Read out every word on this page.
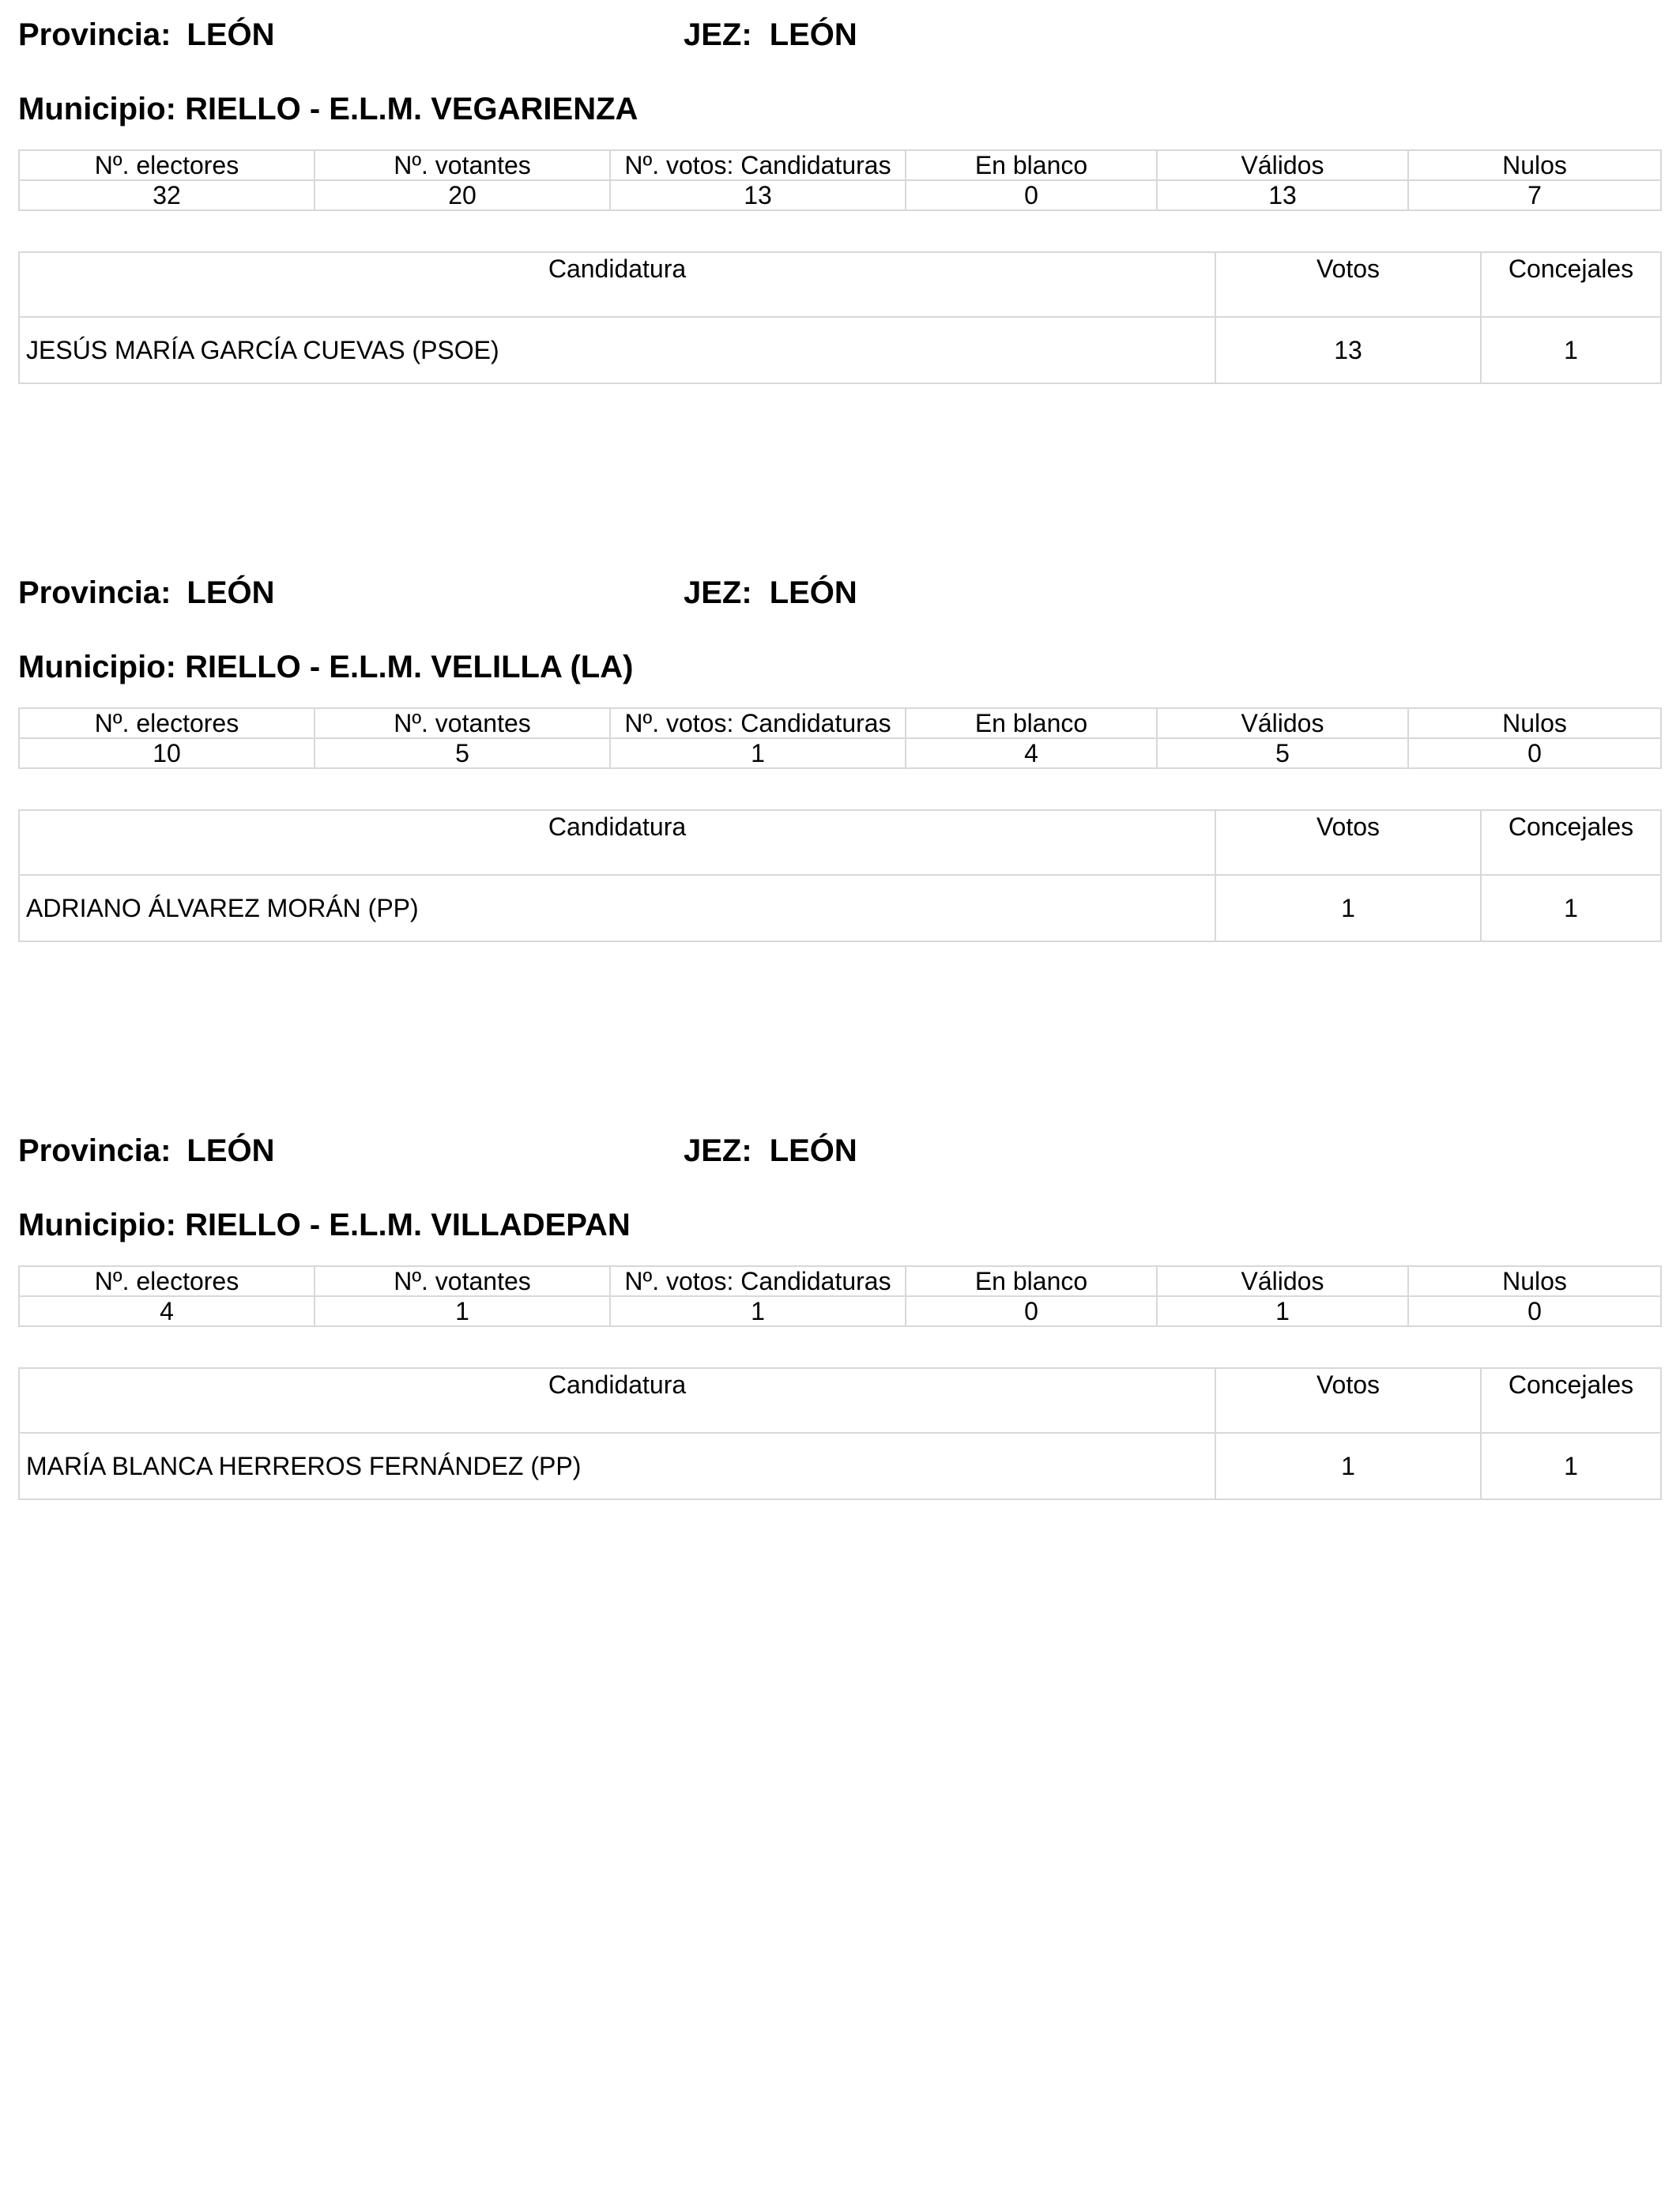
Provincia: LEÓN	JEZ: LEÓN
Municipio: RIELLO - E.L.M. VEGARIENZA
Nº. electores	Nº. votantes	Nº. votos: Candidaturas	En blanco	Válidos	Nulos
32	20	13	0	13	7
Candidatura	Votos	Concejales
JESÚS MARÍA GARCÍA CUEVAS (PSOE)	13	1
Provincia: LEÓN	JEZ: LEÓN
Municipio: RIELLO - E.L.M. VELILLA (LA)
Nº. electores	Nº. votantes	Nº. votos: Candidaturas	En blanco	Válidos	Nulos
10	5	1	4	5	0
Candidatura	Votos	Concejales
ADRIANO ÁLVAREZ MORÁN (PP)	1	1
Provincia: LEÓN	JEZ: LEÓN
Municipio: RIELLO - E.L.M. VILLADEPAN
Nº. electores	Nº. votantes	Nº. votos: Candidaturas	En blanco	Válidos	Nulos
4	1	1	0	1	0
Candidatura	Votos	Concejales
MARÍA BLANCA HERREROS FERNÁNDEZ (PP)	1	1
